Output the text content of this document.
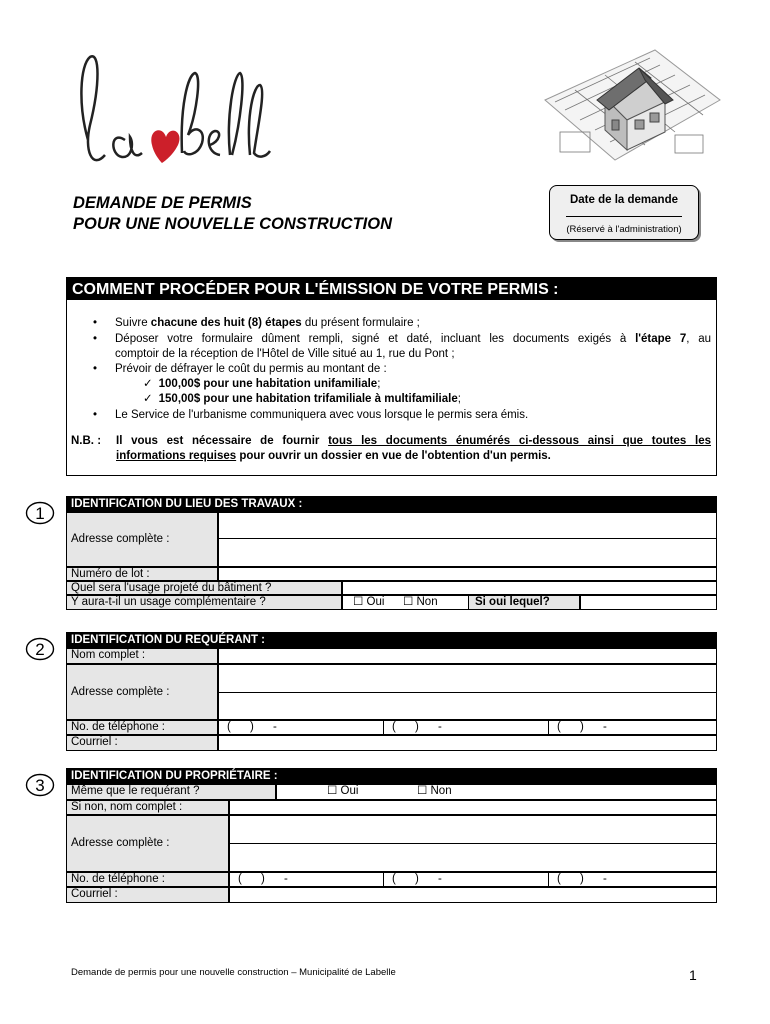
labelle
DEMANDE DE PERMIS
POUR UNE NOUVELLE CONSTRUCTION
Date de la demande
(Réservé à l'administration)
COMMENT PROCÉDER POUR L'ÉMISSION DE VOTRE PERMIS :
• Suivre chacune des huit (8) étapes du présent formulaire ;
• Déposer votre formulaire dûment rempli, signé et daté, incluant les documents exigés à l'étape 7, au
comptoir de la réception de l'Hôtel de Ville situé au 1, rue du Pont ;
• Prévoir de défrayer le coût du permis au montant de :
✓ 100,00$ pour une habitation unifamiliale;
✓ 150,00$ pour une habitation trifamiliale à multifamiliale;
• Le Service de l'urbanisme communiquera avec vous lorsque le permis sera émis.
N.B. : Il vous est nécessaire de fournir tous les documents énumérés ci-dessous ainsi que toutes les
informations requises pour ouvrir un dossier en vue de l'obtention d'un permis.
1	IDENTIFICATION DU LIEU DES TRAVAUX :
Adresse complète :
Numéro de lot :
Quel sera l'usage projeté du bâtiment ?
Y aura-t-il un usage complémentaire ?	☐ Oui ☐ Non	Si oui lequel?
2	IDENTIFICATION DU REQUÉRANT :
Nom complet :
Adresse complète :
No. de téléphone :	(      )      -	(      )      -	(      )      -
Courriel :
3	IDENTIFICATION DU PROPRIÉTAIRE :
Même que le requérant ?	☐ Oui	☐ Non
Si non, nom complet :
Adresse complète :
No. de téléphone :	(      )      -	(      )      -	(      )      -
Courriel :
Demande de permis pour une nouvelle construction – Municipalité de Labelle	1
